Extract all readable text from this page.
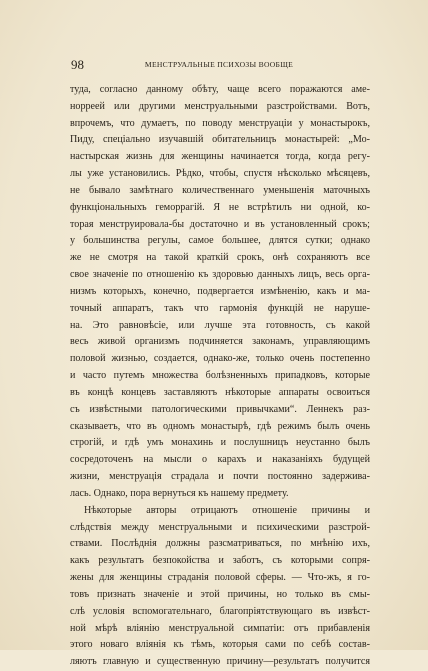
98	МЕНСТРУАЛЬНЫЕ ПСИХОЗЫ ВООБЩЕ
туда, согласно данному обѣту, чаще всего поражаются аме-
норреей или другими менструальными разстройствами. Вотъ,
впрочемъ, что думаетъ, по поводу менструацiи у монастырокъ,
Пиду, спецiально изучавшiй обитательницъ монастырей: „Мо-
настырская жизнь для женщины начинается тогда, когда регу-
лы уже установились. Рѣдко, чтобы, спустя нѣсколько мѣсяцевъ,
не бывало замѣтнаго количественнаго уменьшенiя маточныхъ
функцiональныхъ геморрагiй. Я не встрѣтилъ ни одной, ко-
торая менструировала-бы достаточно и въ установленный срокъ;
у большинства регулы, самое большее, длятся сутки; однако
же не смотря на такой краткiй срокъ, онѣ сохраняютъ все
свое значенiе по отношенiю къ здоровью данныхъ лицъ, весь орга-
низмъ которыхъ, конечно, подвергается измѣненiю, какъ и ма-
точный аппаратъ, такъ что гармонiя функцiй не наруше-
на. Это равновѣсiе, или лучше эта готовность, съ какой
весь живой организмъ подчиняется законамъ, управляющимъ
половой жизнью, создается, однако-же, только очень постепенно
и часто путемъ множества болѣзненныхъ припадковъ, которые
въ концѣ концевъ заставляютъ нѣкоторые аппараты освоиться
съ извѣстными патологическими привычками“. Леннекъ раз-
сказываетъ, что въ одномъ монастырѣ, гдѣ режимъ былъ очень
строгiй, и гдѣ умъ монахинь и послушницъ неустанно былъ
сосредоточенъ на мысли о карахъ и наказанiяхъ будущей
жизни, менструацiя страдала и почти постоянно задержива-
лась. Однако, пора вернуться къ нашему предмету.
Нѣкоторые авторы отрицаютъ отношенiе причины и
слѣдствiя между менструальными и психическими разстрой-
ствами. Послѣднiя должны разсматриваться, по мнѣнiю ихъ,
какъ результатъ безпокойства и заботъ, съ которыми сопря-
жены для женщины страданiя половой сферы. — Что-жъ, я го-
товъ признать значенiе и этой причины, но только въ смы-
слѣ условiя вспомогательнаго, благопрiятствующаго въ извѣст-
ной мѣрѣ влiянiю менструальной симпатiи: отъ прибавленiя
этого новаго влiянiя къ тѣмъ, которыя сами по себѣ состав-
ляютъ главную и существенную причину—результатъ получится
